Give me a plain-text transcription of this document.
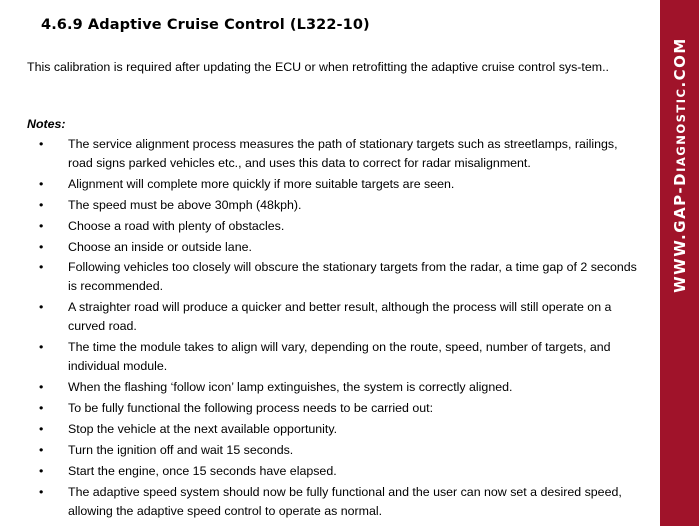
4.6.9 Adaptive Cruise Control (L322-10)

This calibration is required after updating the ECU or when retrofitting the adaptive cruise control sys-tem..

Notes:

• The service alignment process measures the path of stationary targets such as streetlamps, railings, road signs parked vehicles etc., and uses this data to correct for radar misalignment.
• Alignment will complete more quickly if more suitable targets are seen.
• The speed must be above 30mph (48kph).
• Choose a road with plenty of obstacles.
• Choose an inside or outside lane.
• Following vehicles too closely will obscure the stationary targets from the radar, a time gap of 2 seconds is recommended.
• A straighter road will produce a quicker and better result, although the process will still operate on a curved road.
• The time the module takes to align will vary, depending on the route, speed, number of targets, and individual module.
• When the flashing ‘follow icon’ lamp extinguishes, the system is correctly aligned.
• To be fully functional the following process needs to be carried out:
• Stop the vehicle at the next available opportunity.
• Turn the ignition off and wait 15 seconds.
• Start the engine, once 15 seconds have elapsed.
• The adaptive speed system should now be fully functional and the user can now set a desired speed, allowing the adaptive speed control to operate as normal.
WWW.GAP-DIAGNOSTIC.COM
